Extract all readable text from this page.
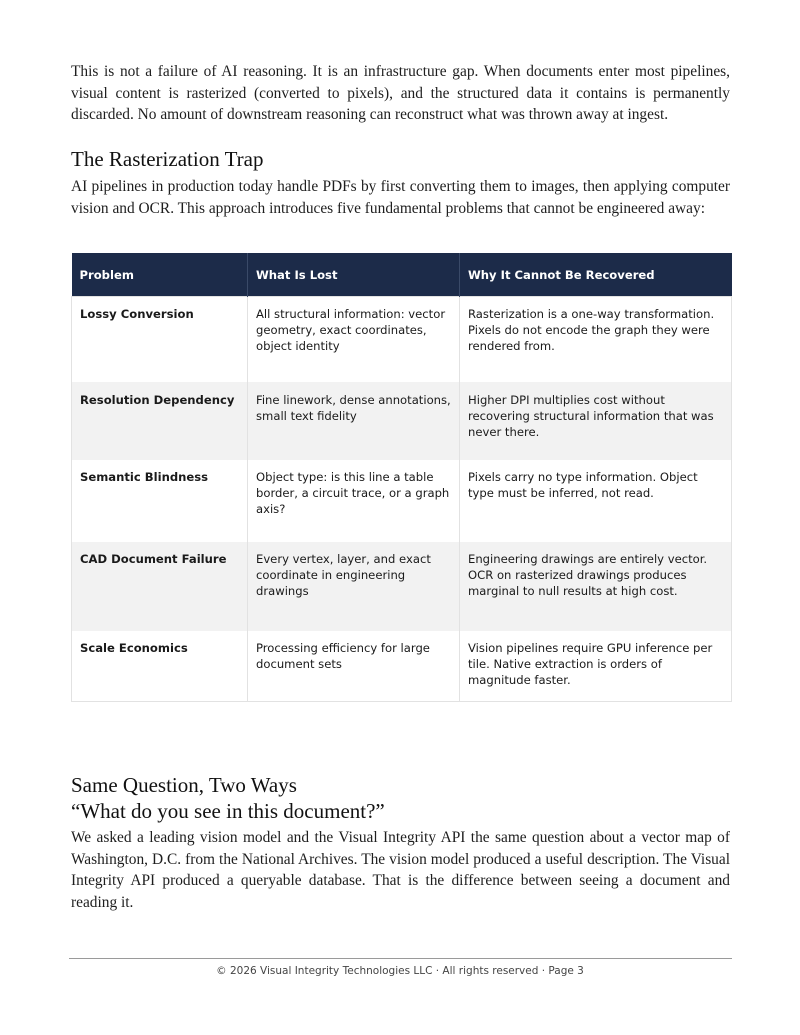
This is not a failure of AI reasoning. It is an infrastructure gap. When documents enter most pipelines, visual content is rasterized (converted to pixels), and the structured data it contains is permanently discarded. No amount of downstream reasoning can reconstruct what was thrown away at ingest.

The Rasterization Trap

AI pipelines in production today handle PDFs by first converting them to images, then applying computer vision and OCR. This approach introduces five fundamental problems that cannot be engineered away:

Problem	What Is Lost	Why It Cannot Be Recovered
Lossy Conversion	All structural information: vector geometry, exact coordinates, object identity	Rasterization is a one-way transformation. Pixels do not encode the graph they were rendered from.
Resolution Dependency	Fine linework, dense annotations, small text fidelity	Higher DPI multiplies cost without recovering structural information that was never there.
Semantic Blindness	Object type: is this line a table border, a circuit trace, or a graph axis?	Pixels carry no type information. Object type must be inferred, not read.
CAD Document Failure	Every vertex, layer, and exact coordinate in engineering drawings	Engineering drawings are entirely vector. OCR on rasterized drawings produces marginal to null results at high cost.
Scale Economics	Processing efficiency for large document sets	Vision pipelines require GPU inference per tile. Native extraction is orders of magnitude faster.
Same Question, Two Ways
“What do you see in this document?”

We asked a leading vision model and the Visual Integrity API the same question about a vector map of Washington, D.C. from the National Archives. The vision model produced a useful description. The Visual Integrity API produced a queryable database. That is the difference between seeing a document and reading it.

© 2026 Visual Integrity Technologies LLC · All rights reserved · Page 3
